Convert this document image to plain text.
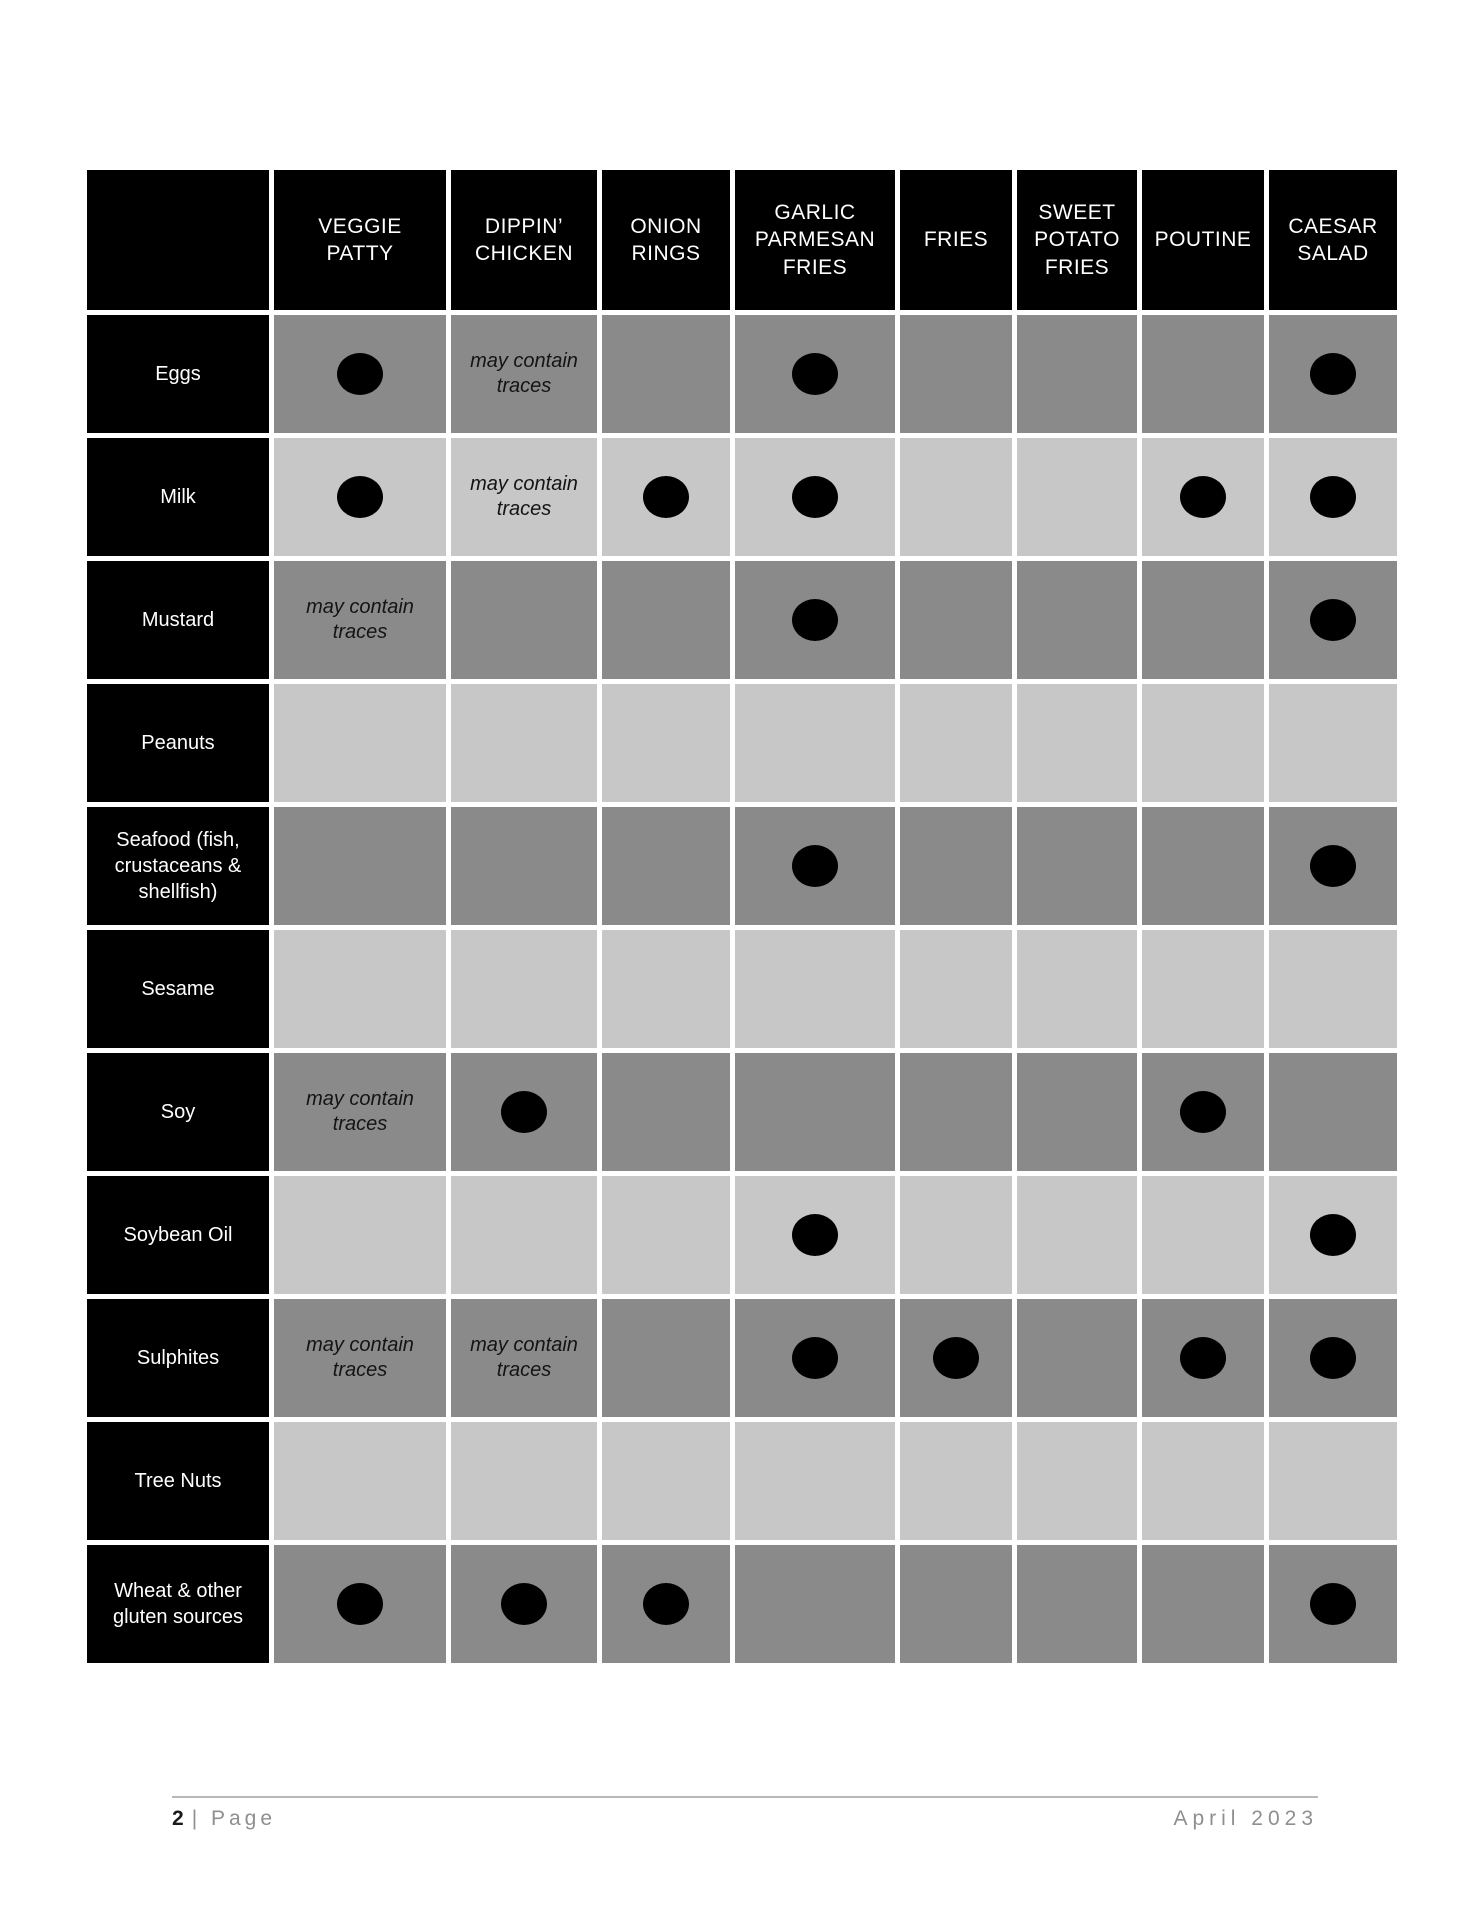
VEGGIE PATTY
DIPPIN’ CHICKEN
ONION RINGS
GARLIC PARMESAN FRIES
FRIES
SWEET POTATO FRIES
POUTINE
CAESAR SALAD
Eggs
may contain traces
Milk
may contain traces
Mustard
may contain traces
Peanuts
Seafood (fish, crustaceans & shellfish)
Sesame
Soy
may contain traces
Soybean Oil
Sulphites
may contain traces
may contain traces
Tree Nuts
Wheat & other gluten sources
2 | Page	April 2023
